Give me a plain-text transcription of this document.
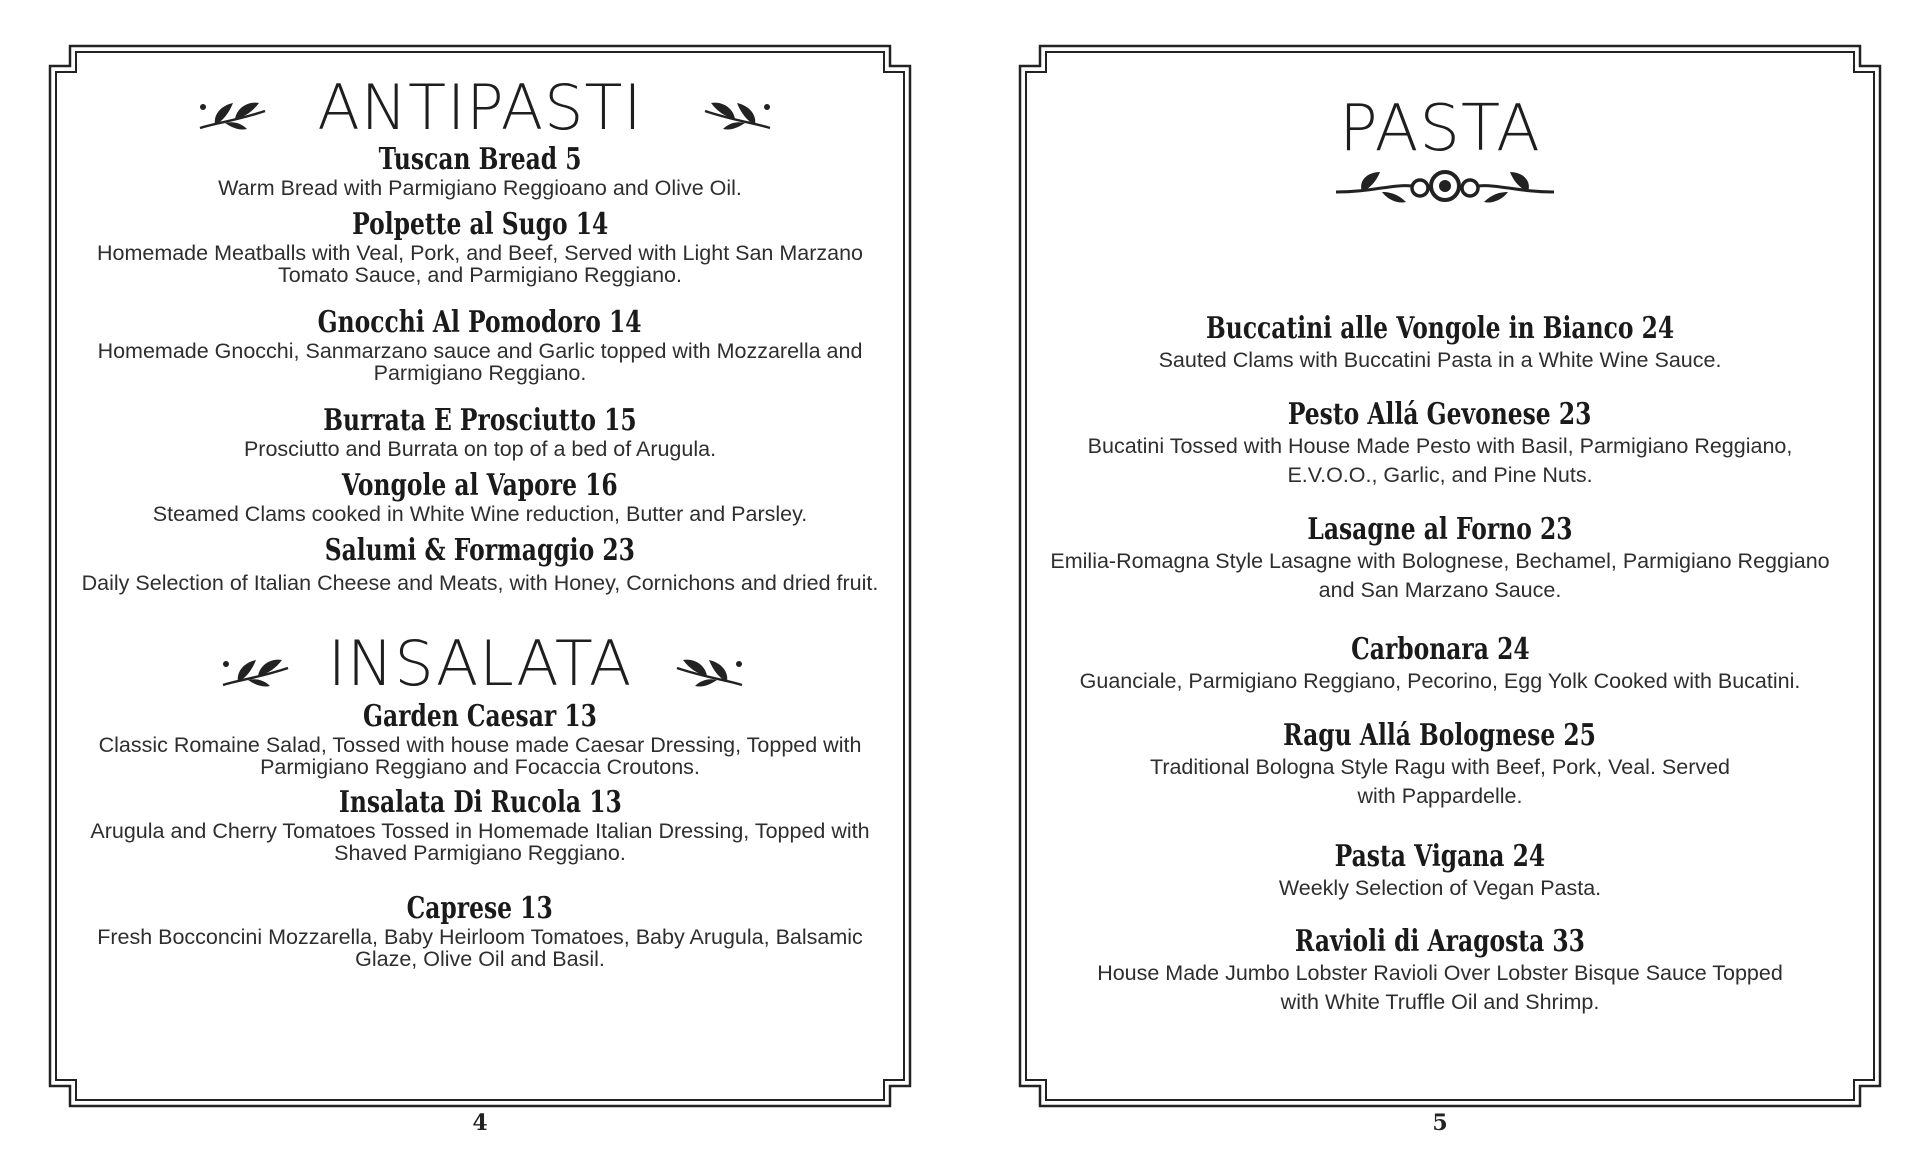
ANTIPASTI
Tuscan Bread 5
Warm Bread with Parmigiano Reggioano and Olive Oil.
Polpette al Sugo 14
Homemade Meatballs with Veal, Pork, and Beef, Served with Light San Marzano Tomato Sauce, and Parmigiano Reggiano.
Gnocchi Al Pomodoro 14
Homemade Gnocchi, Sanmarzano sauce and Garlic topped with Mozzarella and Parmigiano Reggiano.
Burrata E Prosciutto 15
Prosciutto and Burrata on top of a bed of Arugula.
Vongole al Vapore 16
Steamed Clams cooked in White Wine reduction, Butter and Parsley.
Salumi & Formaggio 23
Daily Selection of Italian Cheese and Meats, with Honey, Cornichons and dried fruit.
INSALATA
Garden Caesar 13
Classic Romaine Salad, Tossed with house made Caesar Dressing, Topped with Parmigiano Reggiano and Focaccia Croutons.
Insalata Di Rucola 13
Arugula and Cherry Tomatoes Tossed in Homemade Italian Dressing, Topped with Shaved Parmigiano Reggiano.
Caprese 13
Fresh Bocconcini Mozzarella, Baby Heirloom Tomatoes, Baby Arugula, Balsamic Glaze, Olive Oil and Basil.
4
PASTA
Buccatini alle Vongole in Bianco 24
Sauted Clams with Buccatini Pasta in a White Wine Sauce.
Pesto Allá Gevonese 23
Bucatini Tossed with House Made Pesto with Basil, Parmigiano Reggiano, E.V.O.O., Garlic, and Pine Nuts.
Lasagne al Forno 23
Emilia-Romagna Style Lasagne with Bolognese, Bechamel, Parmigiano Reggiano and San Marzano Sauce.
Carbonara 24
Guanciale, Parmigiano Reggiano, Pecorino, Egg Yolk Cooked with Bucatini.
Ragu Allá Bolognese 25
Traditional Bologna Style Ragu with Beef, Pork, Veal. Served with Pappardelle.
Pasta Vigana 24
Weekly Selection of Vegan Pasta.
Ravioli di Aragosta 33
House Made Jumbo Lobster Ravioli Over Lobster Bisque Sauce Topped with White Truffle Oil and Shrimp.
5
